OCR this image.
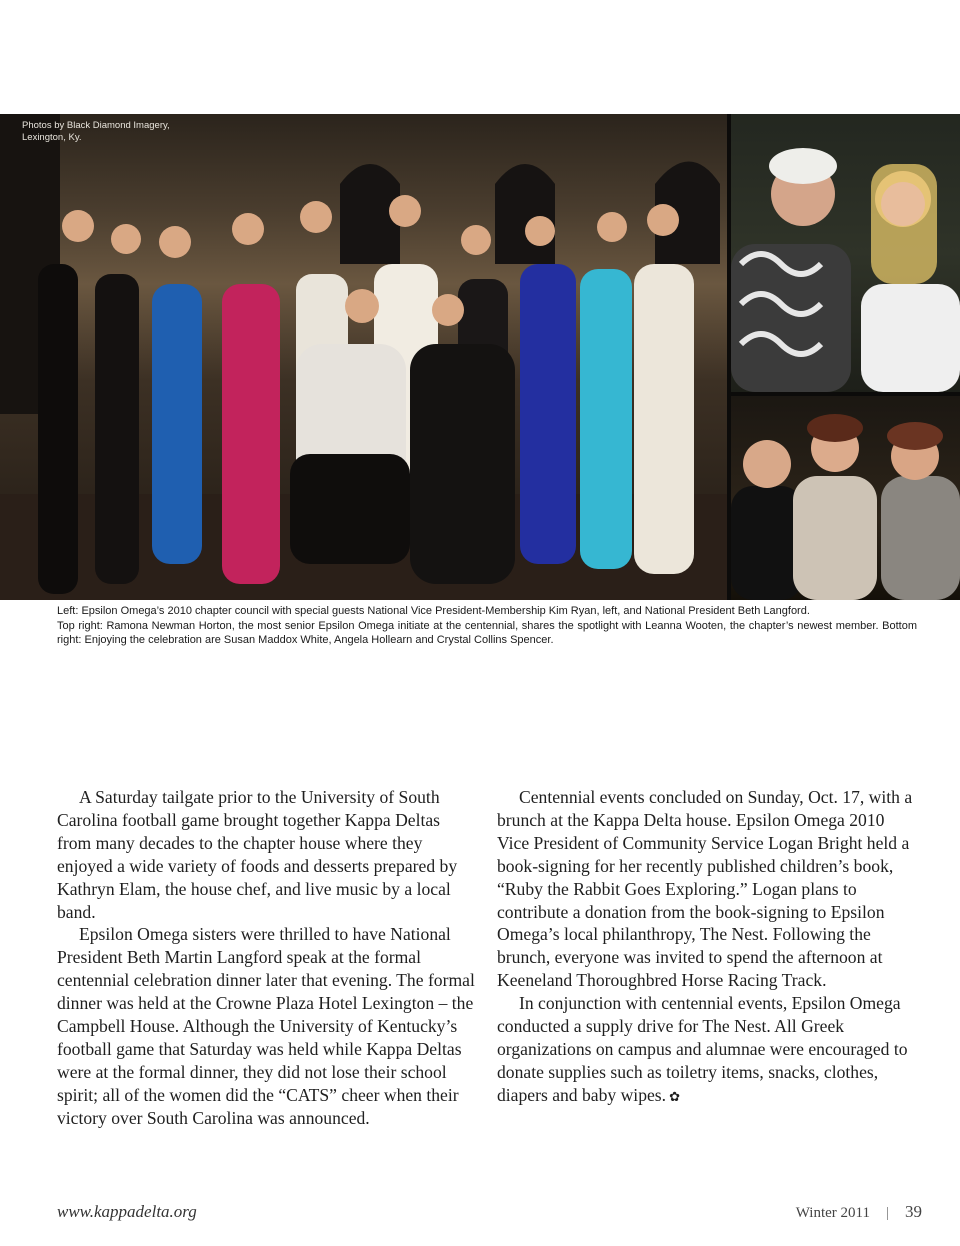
Photos by Black Diamond Imagery, Lexington, Ky.

Left: Epsilon Omega’s 2010 chapter council with special guests National Vice President-Membership Kim Ryan, left, and National President Beth Langford.

Top right: Ramona Newman Horton, the most senior Epsilon Omega initiate at the centennial, shares the spotlight with Leanna Wooten, the chapter’s newest member. Bottom right: Enjoying the celebration are Susan Maddox White, Angela Hollearn and Crystal Collins Spencer.

A Saturday tailgate prior to the University of South Carolina football game brought together Kappa Deltas from many decades to the chapter house where they enjoyed a wide variety of foods and desserts prepared by Kathryn Elam, the house chef, and live music by a local band.

Epsilon Omega sisters were thrilled to have National President Beth Martin Langford speak at the formal centennial celebration dinner later that evening. The formal dinner was held at the Crowne Plaza Hotel Lexington – the Campbell House. Although the University of Kentucky’s football game that Saturday was held while Kappa Deltas were at the formal dinner, they did not lose their school spirit; all of the women did the “CATS” cheer when their victory over South Carolina was announced.

Centennial events concluded on Sunday, Oct. 17, with a brunch at the Kappa Delta house. Epsilon Omega 2010 Vice President of Community Service Logan Bright held a book-signing for her recently published children’s book, “Ruby the Rabbit Goes Exploring.” Logan plans to contribute a donation from the book-signing to Epsilon Omega’s local philanthropy, The Nest. Following the brunch, everyone was invited to spend the afternoon at Keeneland Thoroughbred Horse Racing Track.

In conjunction with centennial events, Epsilon Omega conducted a supply drive for The Nest. All Greek organizations on campus and alumnae were encouraged to donate supplies such as toiletry items, snacks, clothes, diapers and baby wipes. ✿

www.kappadelta.org	Winter 2011 | 39
